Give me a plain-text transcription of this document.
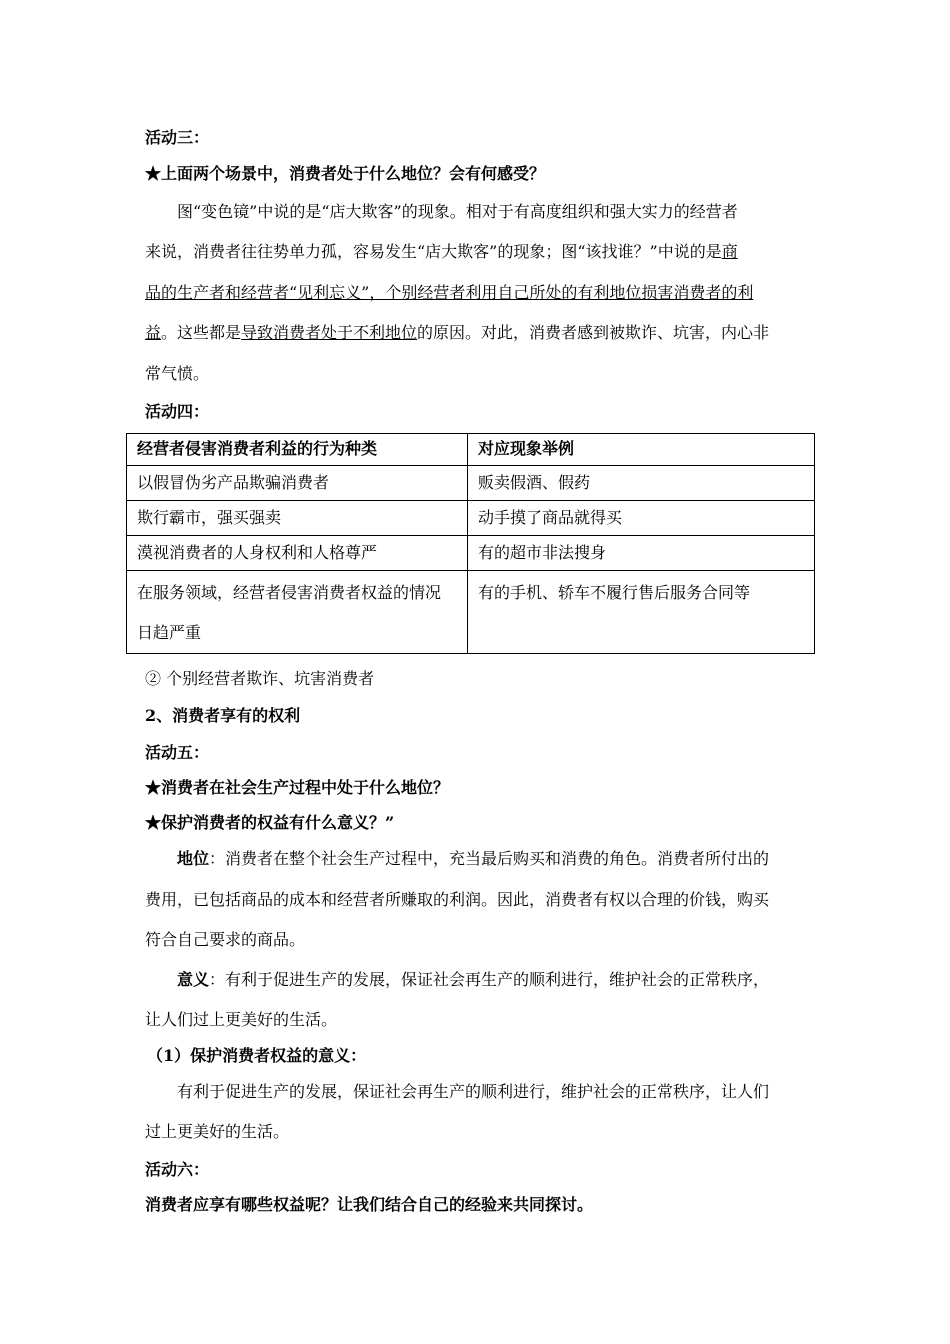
活动三：
★上面两个场景中，消费者处于什么地位？会有何感受？
图“变色镜”中说的是“店大欺客”的现象。相对于有高度组织和强大实力的经营者
来说，消费者往往势单力孤，容易发生“店大欺客”的现象；图“该找谁？”中说的是商
品的生产者和经营者“见利忘义”，个别经营者利用自己所处的有利地位损害消费者的利
益。这些都是导致消费者处于不利地位的原因。对此，消费者感到被欺诈、坑害，内心非
常气愤。
活动四：
经营者侵害消费者利益的行为种类	对应现象举例
以假冒伪劣产品欺骗消费者	贩卖假酒、假药
欺行霸市，强买强卖	动手摸了商品就得买
漠视消费者的人身权利和人格尊严	有的超市非法搜身

在服务领域，经营者侵害消费者权益的情况
日趋严重	有的手机、轿车不履行售后服务合同等
② 个别经营者欺诈、坑害消费者
2、消费者享有的权利
活动五：
★消费者在社会生产过程中处于什么地位？
★保护消费者的权益有什么意义？”
地位：消费者在整个社会生产过程中，充当最后购买和消费的角色。消费者所付出的
费用，已包括商品的成本和经营者所赚取的利润。因此，消费者有权以合理的价钱，购买
符合自己要求的商品。
意义：有利于促进生产的发展，保证社会再生产的顺利进行，维护社会的正常秩序，
让人们过上更美好的生活。
（1）保护消费者权益的意义：
有利于促进生产的发展，保证社会再生产的顺利进行，维护社会的正常秩序，让人们
过上更美好的生活。
活动六：
消费者应享有哪些权益呢？让我们结合自己的经验来共同探讨。
